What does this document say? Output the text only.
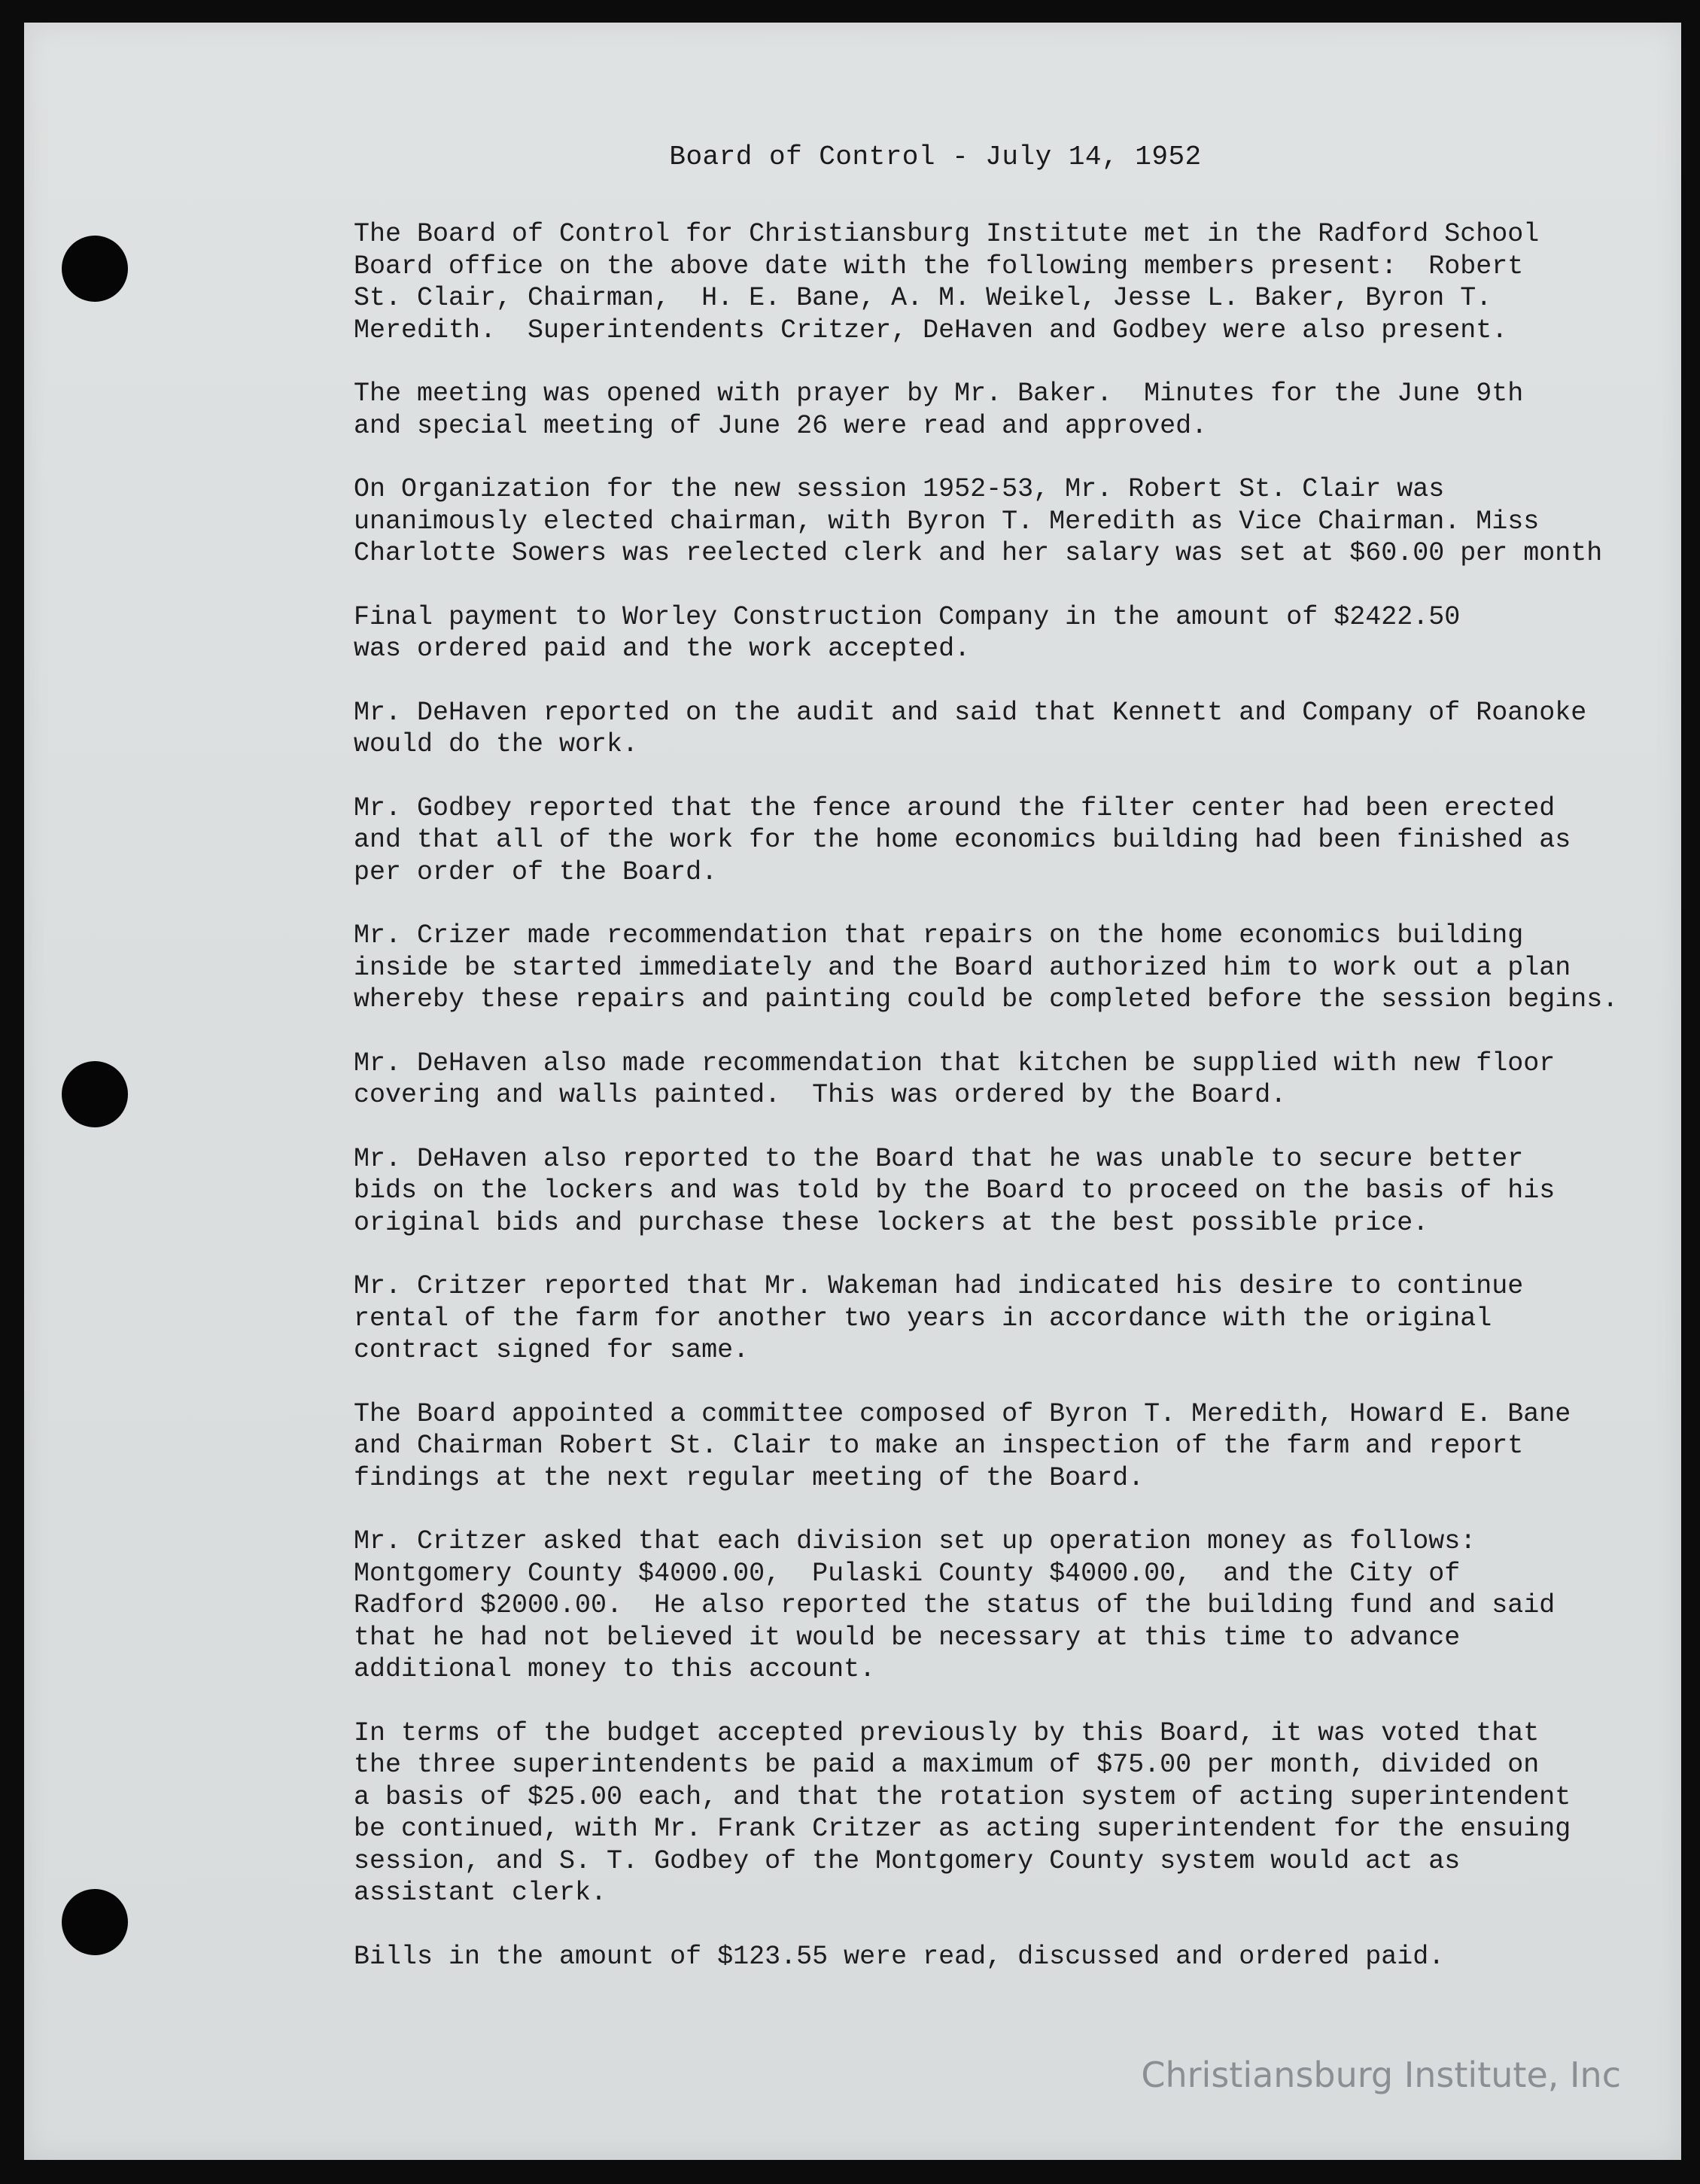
Board of Control - July 14, 1952

The Board of Control for Christiansburg Institute met in the Radford School
Board office on the above date with the following members present:  Robert
St. Clair, Chairman,  H. E. Bane, A. M. Weikel, Jesse L. Baker, Byron T.
Meredith.  Superintendents Critzer, DeHaven and Godbey were also present.

The meeting was opened with prayer by Mr. Baker.  Minutes for the June 9th
and special meeting of June 26 were read and approved.

On Organization for the new session 1952-53, Mr. Robert St. Clair was
unanimously elected chairman, with Byron T. Meredith as Vice Chairman. Miss
Charlotte Sowers was reelected clerk and her salary was set at $60.00 per month

Final payment to Worley Construction Company in the amount of $2422.50
was ordered paid and the work accepted.

Mr. DeHaven reported on the audit and said that Kennett and Company of Roanoke
would do the work.

Mr. Godbey reported that the fence around the filter center had been erected
and that all of the work for the home economics building had been finished as
per order of the Board.

Mr. Crizer made recommendation that repairs on the home economics building
inside be started immediately and the Board authorized him to work out a plan
whereby these repairs and painting could be completed before the session begins.

Mr. DeHaven also made recommendation that kitchen be supplied with new floor
covering and walls painted.  This was ordered by the Board.

Mr. DeHaven also reported to the Board that he was unable to secure better
bids on the lockers and was told by the Board to proceed on the basis of his
original bids and purchase these lockers at the best possible price.

Mr. Critzer reported that Mr. Wakeman had indicated his desire to continue
rental of the farm for another two years in accordance with the original
contract signed for same.

The Board appointed a committee composed of Byron T. Meredith, Howard E. Bane
and Chairman Robert St. Clair to make an inspection of the farm and report
findings at the next regular meeting of the Board.

Mr. Critzer asked that each division set up operation money as follows:
Montgomery County $4000.00,  Pulaski County $4000.00,  and the City of
Radford $2000.00.  He also reported the status of the building fund and said
that he had not believed it would be necessary at this time to advance
additional money to this account.

In terms of the budget accepted previously by this Board, it was voted that
the three superintendents be paid a maximum of $75.00 per month, divided on
a basis of $25.00 each, and that the rotation system of acting superintendent
be continued, with Mr. Frank Critzer as acting superintendent for the ensuing
session, and S. T. Godbey of the Montgomery County system would act as
assistant clerk.

Bills in the amount of $123.55 were read, discussed and ordered paid.

Christiansburg Institute, Inc
